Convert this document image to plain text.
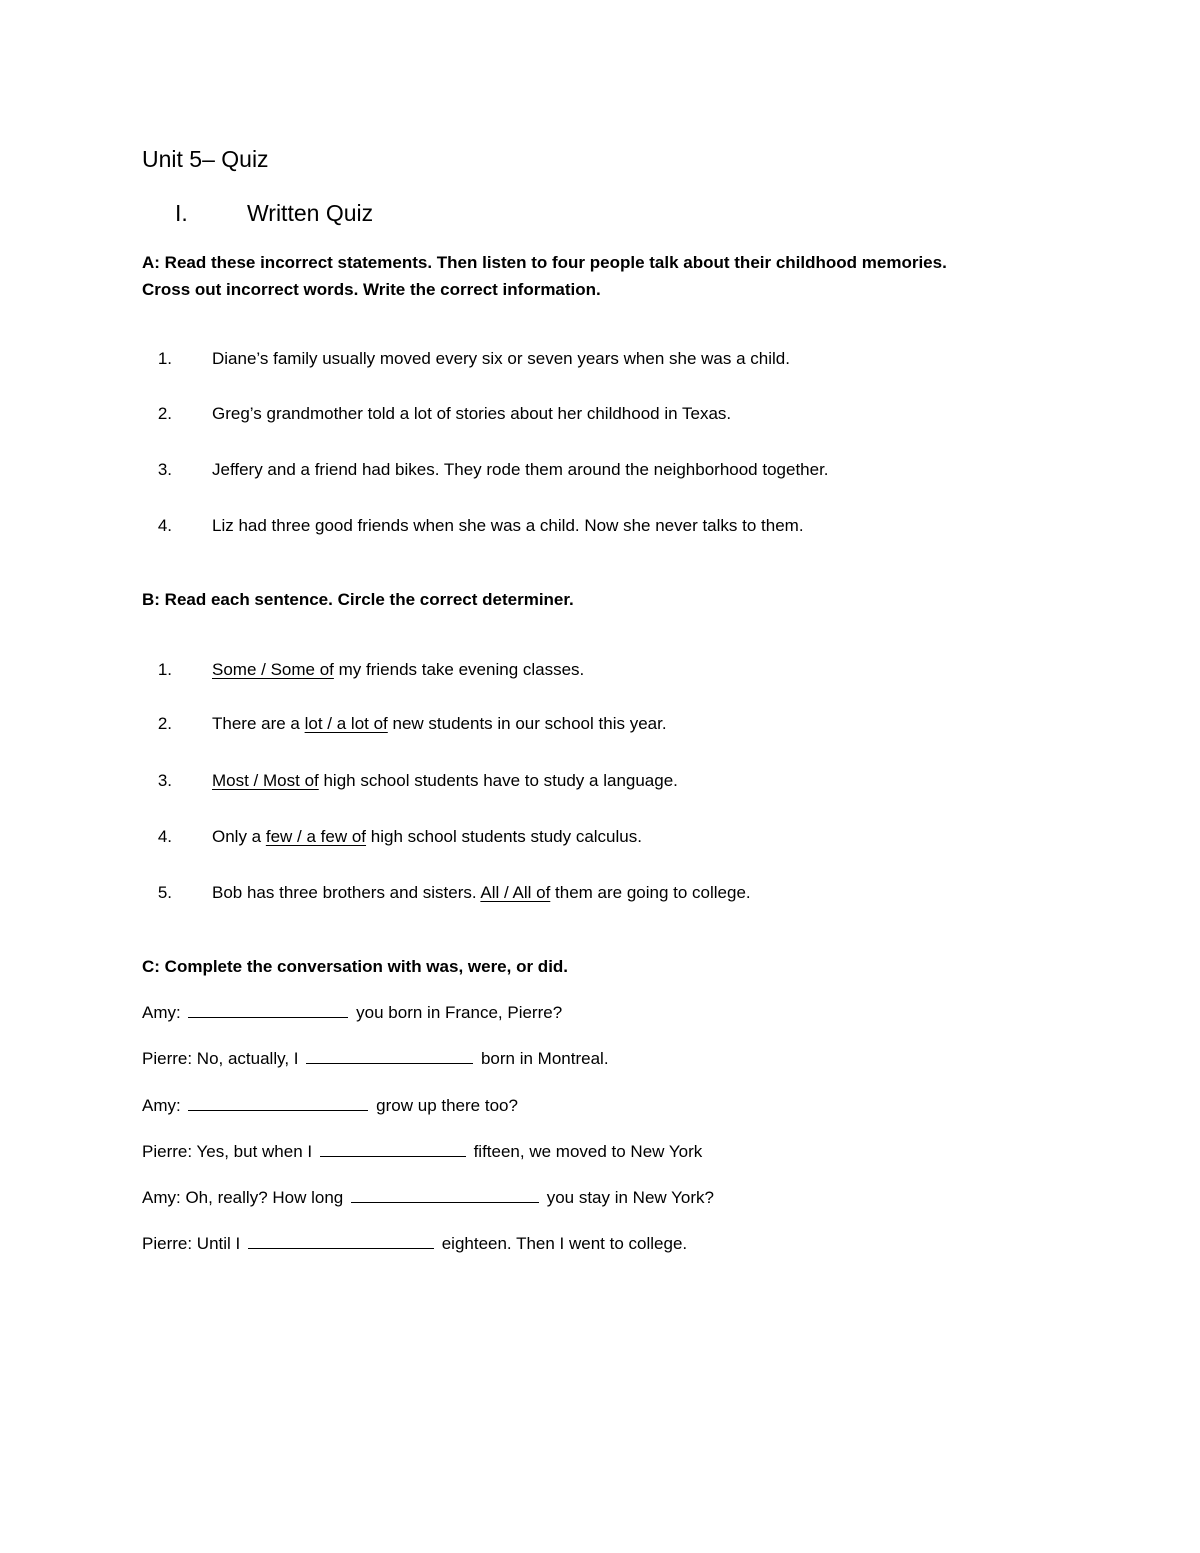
Unit 5– Quiz
I.	Written Quiz
A: Read these incorrect statements. Then listen to four people talk about their childhood memories.
Cross out incorrect words. Write the correct information.
1. Diane’s family usually moved every six or seven years when she was a child.
2. Greg’s grandmother told a lot of stories about her childhood in Texas.
3. Jeffery and a friend had bikes. They rode them around the neighborhood together.
4. Liz had three good friends when she was a child. Now she never talks to them.
B: Read each sentence. Circle the correct determiner.
1. Some / Some of my friends take evening classes.
2. There are a lot / a lot of new students in our school this year.
3. Most / Most of high school students have to study a language.
4. Only a few / a few of high school students study calculus.
5. Bob has three brothers and sisters. All / All of them are going to college.
C: Complete the conversation with was, were, or did.
Amy:	you born in France, Pierre?
Pierre: No, actually, I	born in Montreal.
Amy:	grow up there too?
Pierre: Yes, but when I	fifteen, we moved to New York
Amy: Oh, really? How long	you stay in New York?
Pierre: Until I	eighteen. Then I went to college.
